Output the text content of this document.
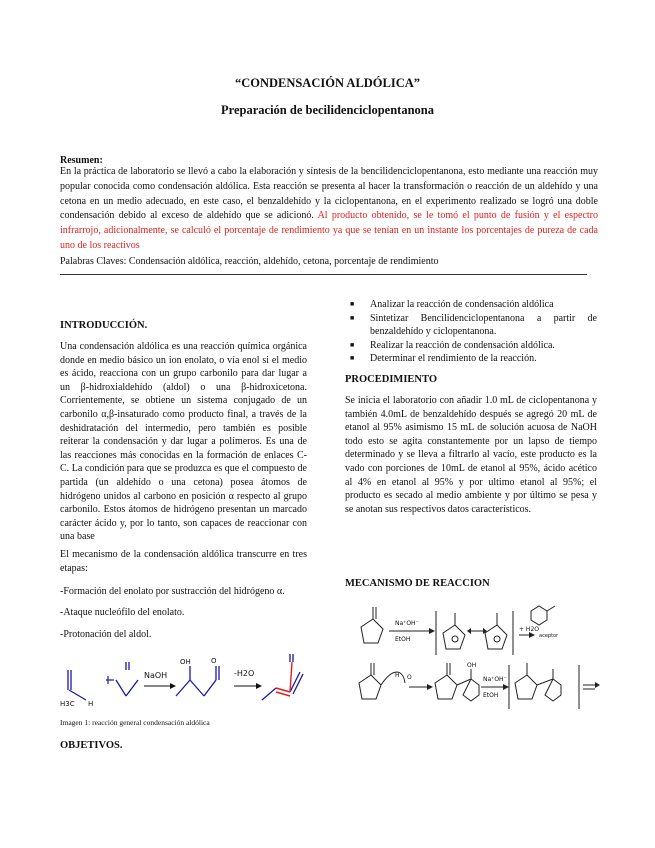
“CONDENSACIÓN ALDÓLICA”
Preparación de becilidenciclopentanona
Resumen:
En la práctica de laboratorio se llevó a cabo la elaboración y síntesis de la bencilidenciclopentanona, esto mediante una reacción muy popular conocida como condensación aldólica. Esta reacción se presenta al hacer la transformación o reacción de un aldehído y una cetona en un medio adecuado, en este caso, el benzaldehído y la ciclopentanona, en el experimento realizado se logró una doble condensación debido al exceso de aldehído que se adicionó. Al producto obtenido, se le tomó el punto de fusión y el espectro infrarrojo, adicionalmente, se calculó el porcentaje de rendimiento ya que se tenían en un instante los porcentajes de pureza de cada uno de los reactivos
Palabras Claves: Condensación aldólica, reacción, aldehído, cetona, porcentaje de rendimiento
INTRODUCCIÓN.
Una condensación aldólica es una reacción química orgánica donde en medio básico un ion enolato, o vía enol si el medio es ácido, reacciona con un grupo carbonilo para dar lugar a un β-hidroxialdehído (aldol) o una β-hidroxicetona. Corrientemente, se obtiene un sistema conjugado de un carbonilo α,β-insaturado como producto final, a través de la deshidratación del intermedio, pero también es posible reiterar la condensación y dar lugar a polímeros. Es una de las reacciones más conocidas en la formación de enlaces C-C. La condición para que se produzca es que el compuesto de partida (un aldehído o una cetona) posea átomos de hidrógeno unidos al carbono en posición α respecto al grupo carbonilo. Estos átomos de hidrógeno presentan un marcado carácter ácido y, por lo tanto, son capaces de reaccionar con una base
El mecanismo de la condensación aldólica transcurre en tres etapas:
-Formación del enolato por sustracción del hidrógeno α.
-Ataque nucleófilo del enolato.
-Protonación del aldol.
NaOH	-H2O
H3C H
OH	O
Imagen 1: reacción general condensación aldólica
OBJETIVOS.
■ Analizar la reacción de condensación aldólica
■ Sintetizar Bencilidenciclopentanona a partir de benzaldehído y ciclopentanona.
■ Realizar la reacción de condensación aldólica.
■ Determinar el rendimiento de la reacción.
PROCEDIMIENTO
Se inicia el laboratorio con añadir 1.0 mL de ciclopentanona y también 4.0mL de benzaldehído después se agregó 20 mL de etanol al 95% asimismo 15 mL de solución acuosa de NaOH todo esto se agita constantemente por un lapso de tiempo determinado y se lleva a filtrarlo al vacío, este producto es la vado con porciones de 10mL de etanol al 95%, ácido acético al 4% en etanol al 95% y por ultimo etanol al 95%; el producto es secado al medio ambiente y por último se pesa y se anotan sus respectivos datos característicos.
MECANISMO DE REACCION
Na⁺OH⁻
EtOH
+ H2O
aceptor
Na⁺OH⁻
EtOH
OH
O
H
